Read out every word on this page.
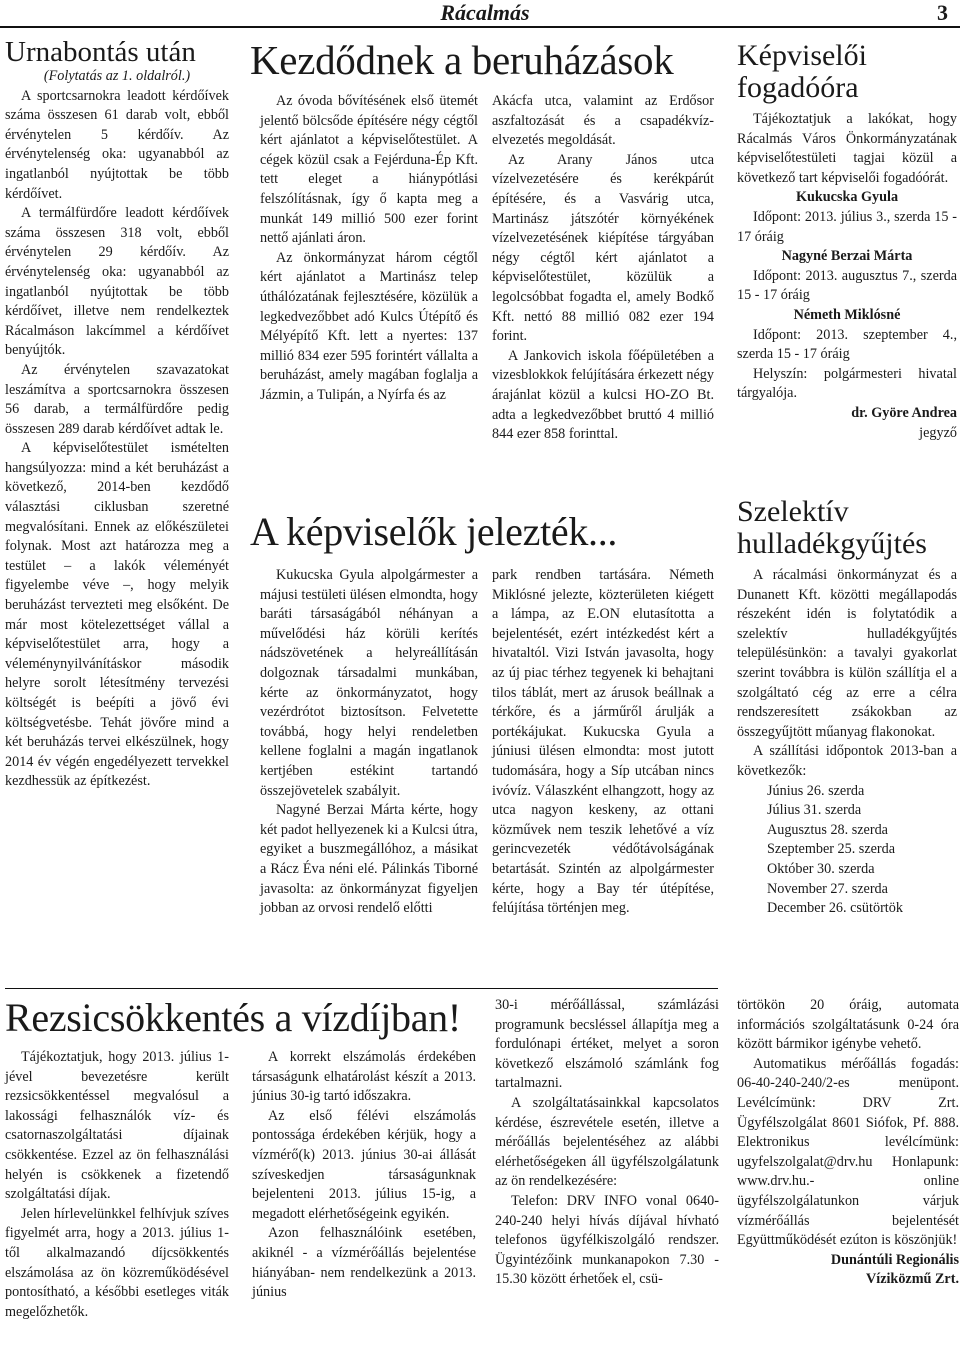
Rácalmás	3
Urnabontás után

(Folytatás az 1. oldalról.)

A sportcsarnokra leadott kérdőívek száma összesen 61 darab volt, ebből érvénytelen 5 kérdőív. Az érvénytelenség oka: ugyanabból az ingatlanból nyújtottak be több kérdőívet.

A termálfürdőre leadott kérdőívek száma összesen 318 volt, ebből érvénytelen 29 kérdőív. Az érvénytelenség oka: ugyanabból az ingatlanból nyújtottak be több kérdőívet, illetve nem rendelkeztek Rácalmáson lakcímmel a kérdőívet benyújtók.

Az érvénytelen szavazatokat leszámítva a sportcsarnokra összesen 56 darab, a termálfürdőre pedig összesen 289 darab kérdőívet adtak le.

A képviselőtestület ismételten hangsúlyozza: mind a két beruházást a következő, 2014-ben kezdődő választási ciklusban szeretné megvalósítani. Ennek az előkészületei folynak. Most azt határozza meg a testület – a lakók véleményét figyelembe véve –, hogy melyik beruházást tervezteti meg elsőként. De már most kötelezettséget vállal a képviselőtestület arra, hogy a véleménynyilvánításkor második helyre sorolt létesítmény tervezési költségét is beépíti a jövő évi költségvetésbe. Tehát jövőre mind a két beruházás tervei elkészülnek, hogy 2014 év végén engedélyezett tervekkel kezdhessük az építkezést.

Kezdődnek a beruházások

Az óvoda bővítésének első ütemét jelentő bölcsőde építésére négy cégtől kért ajánlatot a képviselőtestület. A cégek közül csak a Fejérduna-Ép Kft. tett eleget a hiánypótlási felszólításnak, így ő kapta meg a munkát 149 millió 500 ezer forint nettő ajánlati áron.

Az önkormányzat három cégtől kért ajánlatot a Martinász telep úthálózatának fejlesztésére, közülük a legkedvezőbbet adó Kulcs Útépítő és Mélyépítő Kft. lett a nyertes: 137 millió 834 ezer 595 forintért vállalta a beruházást, amely magában foglalja a Jázmin, a Tulipán, a Nyírfa és az

Akácfa utca, valamint az Erdősor aszfaltozását és a csapadékvíz-elvezetés megoldását.

Az Arany János utca vízelvezetésére és kerékpárút építésére, és a Vasvárig utca, Martinász játszótér környékének vízelvezetésének kiépítése tárgyában négy cégtől kért ajánlatot a képviselőtestület, közülük a legolcsóbbat fogadta el, amely Bodkő Kft. nettó 88 millió 082 ezer 194 forint.

A Jankovich iskola főépületében a vizesblokkok felújítására érkezett négy árajánlat közül a kulcsi HO-ZO Bt. adta a legkedvezőbbet bruttó 4 millió 844 ezer 858 forinttal.

Képviselői
fogadóóra

Tájékoztatjuk a lakókat, hogy Rácalmás Város Önkormányzatának képviselőtestületi tagjai közül a következő tart képviselői fogadóórát.

Kukucska Gyula

Időpont: 2013. július 3., szerda 15 - 17 óráig

Nagyné Berzai Márta

Időpont: 2013. augusztus 7., szerda 15 - 17 óráig

Németh Miklósné

Időpont: 2013. szeptember 4., szerda 15 - 17 óráig

Helyszín: polgármesteri hivatal tárgyalója.

dr. Györe Andrea

jegyző

Szelektív
hulladékgyűjtés

A rácalmási önkormányzat és a Dunanett Kft. közötti megállapodás részeként idén is folytatódik a szelektív hulladékgyűjtés településünkön: a tavalyi gyakorlat szerint továbbra is külön szállítja el a szolgáltató cég az erre a célra rendszeresített zsákokban az összegyűjtött műanyag flakonokat.

A szállítási időpontok 2013-ban a következők:

Június 26. szerda

Július 31. szerda

Augusztus 28. szerda

Szeptember 25. szerda

Október 30. szerda

November 27. szerda

December 26. csütörtök

A képviselők jelezték...

Kukucska Gyula alpolgármester a májusi testületi ülésen elmondta, hogy baráti társaságából néhányan a művelődési ház körüli kerítés nádszövetének a helyreállításán dolgoznak társadalmi munkában, kérte az önkormányzatot, hogy vezérdrótot biztosítson. Felvetette továbbá, hogy helyi rendeletben kellene foglalni a magán ingatlanok kertjében estékint tartandó összejövetelek szabályit.

Nagyné Berzai Márta kérte, hogy két padot hellyezenek ki a Kulcsi útra, egyiket a buszmegállóhoz, a másikat a Rácz Éva néni elé. Pálinkás Tiborné javasolta: az önkormányzat figyeljen jobban az orvosi rendelő előtti

park rendben tartására. Németh Miklósné jelezte, közterületen kiégett a lámpa, az E.ON elutasította a bejelentését, ezért intézkedést kért a hivataltól. Vizi István javasolta, hogy az új piac térhez tegyenek ki behajtani tilos táblát, mert az árusok beállnak a térkőre, és a járműről árulják a portékájukat. Kukucska Gyula a júniusi ülésen elmondta: most jutott tudomására, hogy a Síp utcában nincs ivóvíz. Válaszként elhangzott, hogy az utca nagyon keskeny, az ottani közművek nem teszik lehetővé a víz gerincvezeték védőtávolságának betartását. Szintén az alpolgármester kérte, hogy a Bay tér útépítése, felújítása történjen meg.

Rezsicsökkentés a vízdíjban!

Tájékoztatjuk, hogy 2013. július 1-jével bevezetésre került rezsicsökkentéssel megvalósul a lakossági felhasználók víz- és csatornaszolgáltatási díjainak csökkentése. Ezzel az ön felhasználási helyén is csökkenek a fizetendő szolgáltatási díjak.

Jelen hírlevelünkkel felhívjuk szíves figyelmét arra, hogy a 2013. július 1-től alkalmazandó díjcsökkentés elszámolása az ön közreműködésével pontosítható, a későbbi esetleges viták megelőzhetők.

A korrekt elszámolás érdekében társaságunk elhatárolást készít a 2013. június 30-ig tartó időszakra.

Az első félévi elszámolás pontossága érdekében kérjük, hogy a vízmérő(k) 2013. június 30-ai állását szíveskedjen társaságunknak bejelenteni 2013. július 15-ig, a megadott elérhetőségeink egyikén.

Azon felhasználóink esetében, akiknél - a vízmérőállás bejelentése hiányában- nem rendelkezünk a 2013. június

30-i mérőállással, számlázási programunk becsléssel állapítja meg a fordulónapi értéket, melyet a soron következő elszámoló számlánk fog tartalmazni.

A szolgáltatásainkkal kapcsolatos kérdése, észrevétele esetén, illetve a mérőállás bejelentéséhez az alábbi elérhetőségeken áll ügyfélszolgálatunk az ön rendelkezésére:

Telefon: DRV INFO vonal 0640-240-240 helyi hívás díjával hívható telefonos ügyfélkiszolgáló rendszer. Ügyintézőink munkanapokon 7.30 - 15.30 között érhetőek el, csü-

törtökön 20 óráig, automata információs szolgáltatásunk 0-24 óra között bármikor igénybe vehető.

Automatikus mérőállás fogadás: 06-40-240-240/2-es menüpont. Levélcímünk: DRV Zrt. Ügyfélszolgálat 8601 Siófok, Pf. 888. Elektronikus levélcímünk: ugyfelszolgalat@drv.hu Honlapunk: www.drv.hu.- online ügyfélszolgálatunkon várjuk vízmérőállás bejelentését Együttműködését ezúton is köszönjük!

Dunántúli Regionális

Víziközmű Zrt.
